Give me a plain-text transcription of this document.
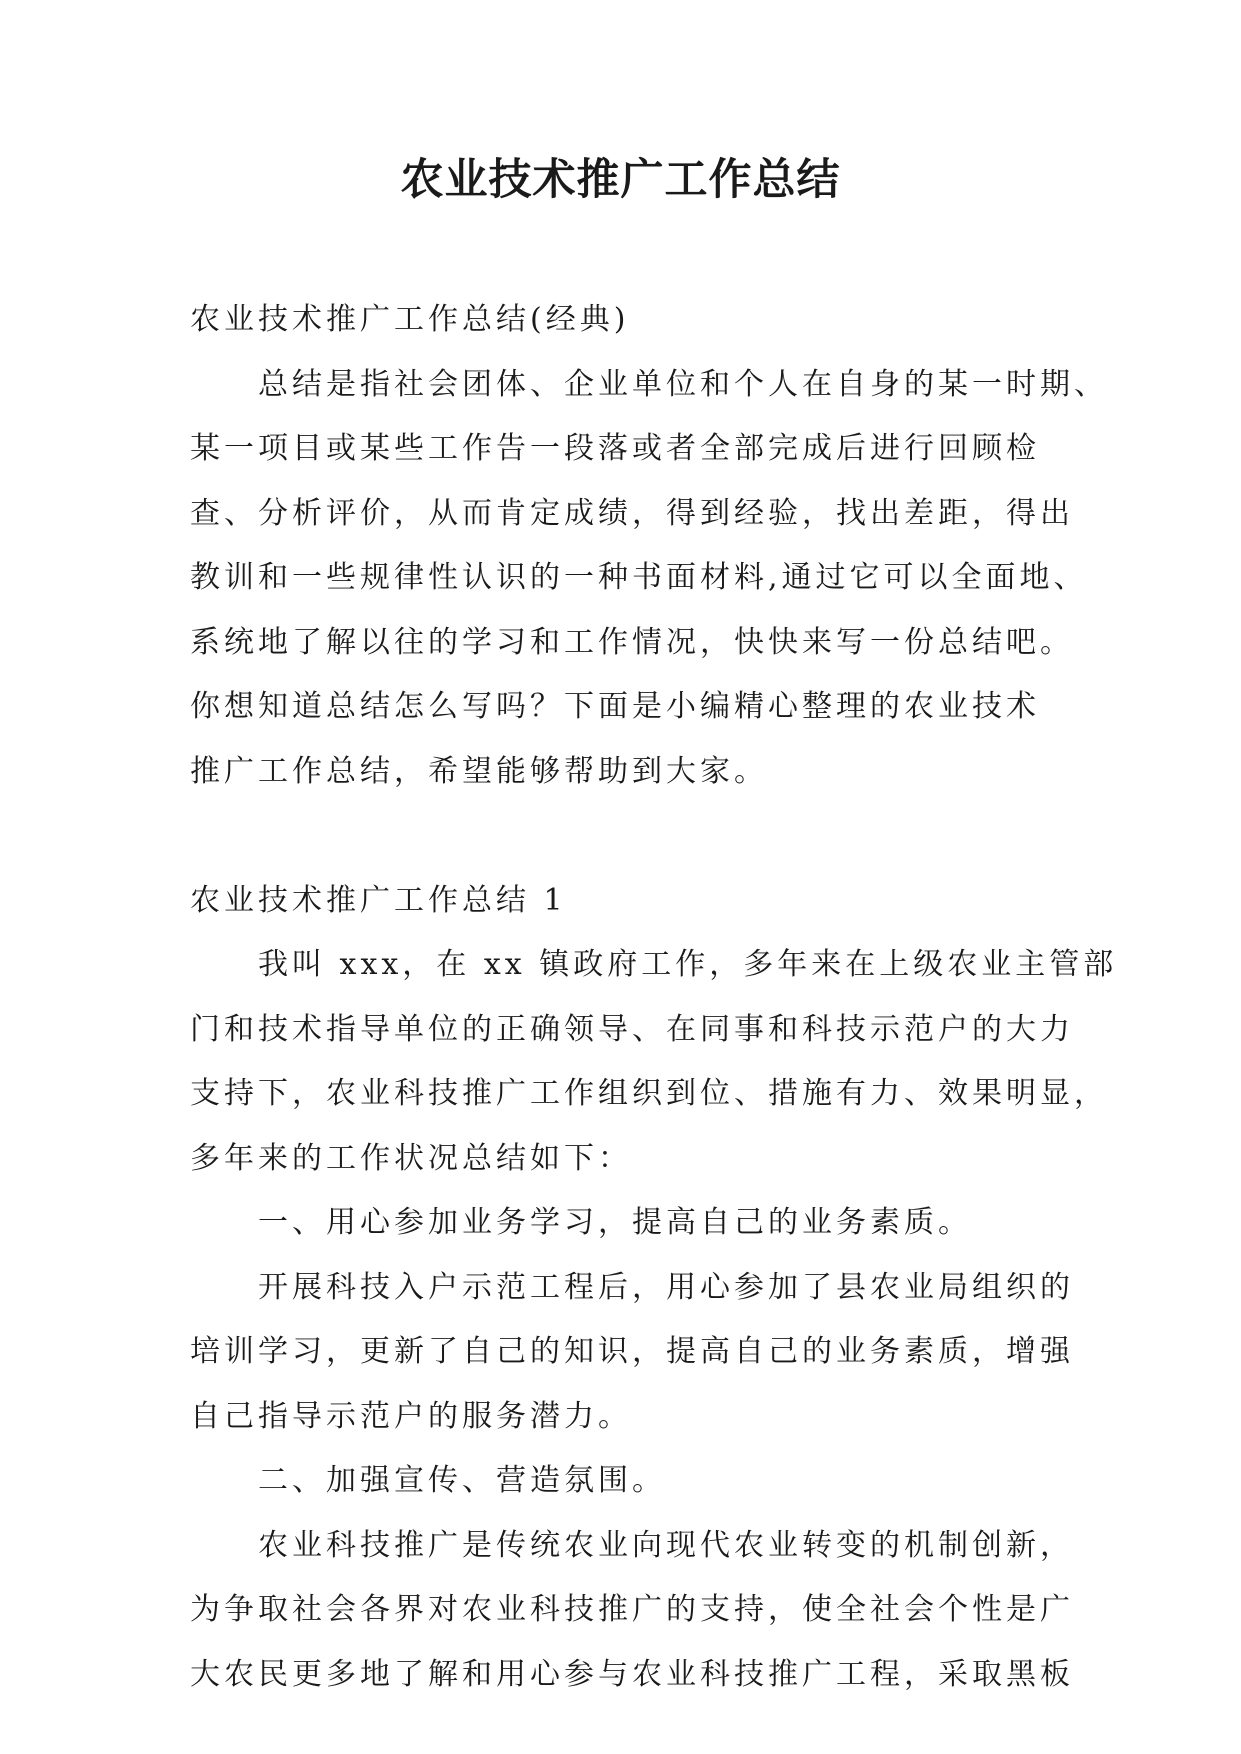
农业技术推广工作总结
农业技术推广工作总结(经典)
总结是指社会团体、企业单位和个人在自身的某一时期、
某一项目或某些工作告一段落或者全部完成后进行回顾检
查、分析评价，从而肯定成绩，得到经验，找出差距，得出
教训和一些规律性认识的一种书面材料,通过它可以全面地、
系统地了解以往的学习和工作情况，快快来写一份总结吧。
你想知道总结怎么写吗？下面是小编精心整理的农业技术
推广工作总结，希望能够帮助到大家。
农业技术推广工作总结 1
我叫 xxx，在 xx 镇政府工作，多年来在上级农业主管部
门和技术指导单位的正确领导、在同事和科技示范户的大力
支持下，农业科技推广工作组织到位、措施有力、效果明显，
多年来的工作状况总结如下：
一、用心参加业务学习，提高自己的业务素质。
开展科技入户示范工程后，用心参加了县农业局组织的
培训学习，更新了自己的知识，提高自己的业务素质，增强
自己指导示范户的服务潜力。
二、加强宣传、营造氛围。
农业科技推广是传统农业向现代农业转变的机制创新，
为争取社会各界对农业科技推广的支持，使全社会个性是广
大农民更多地了解和用心参与农业科技推广工程，采取黑板
